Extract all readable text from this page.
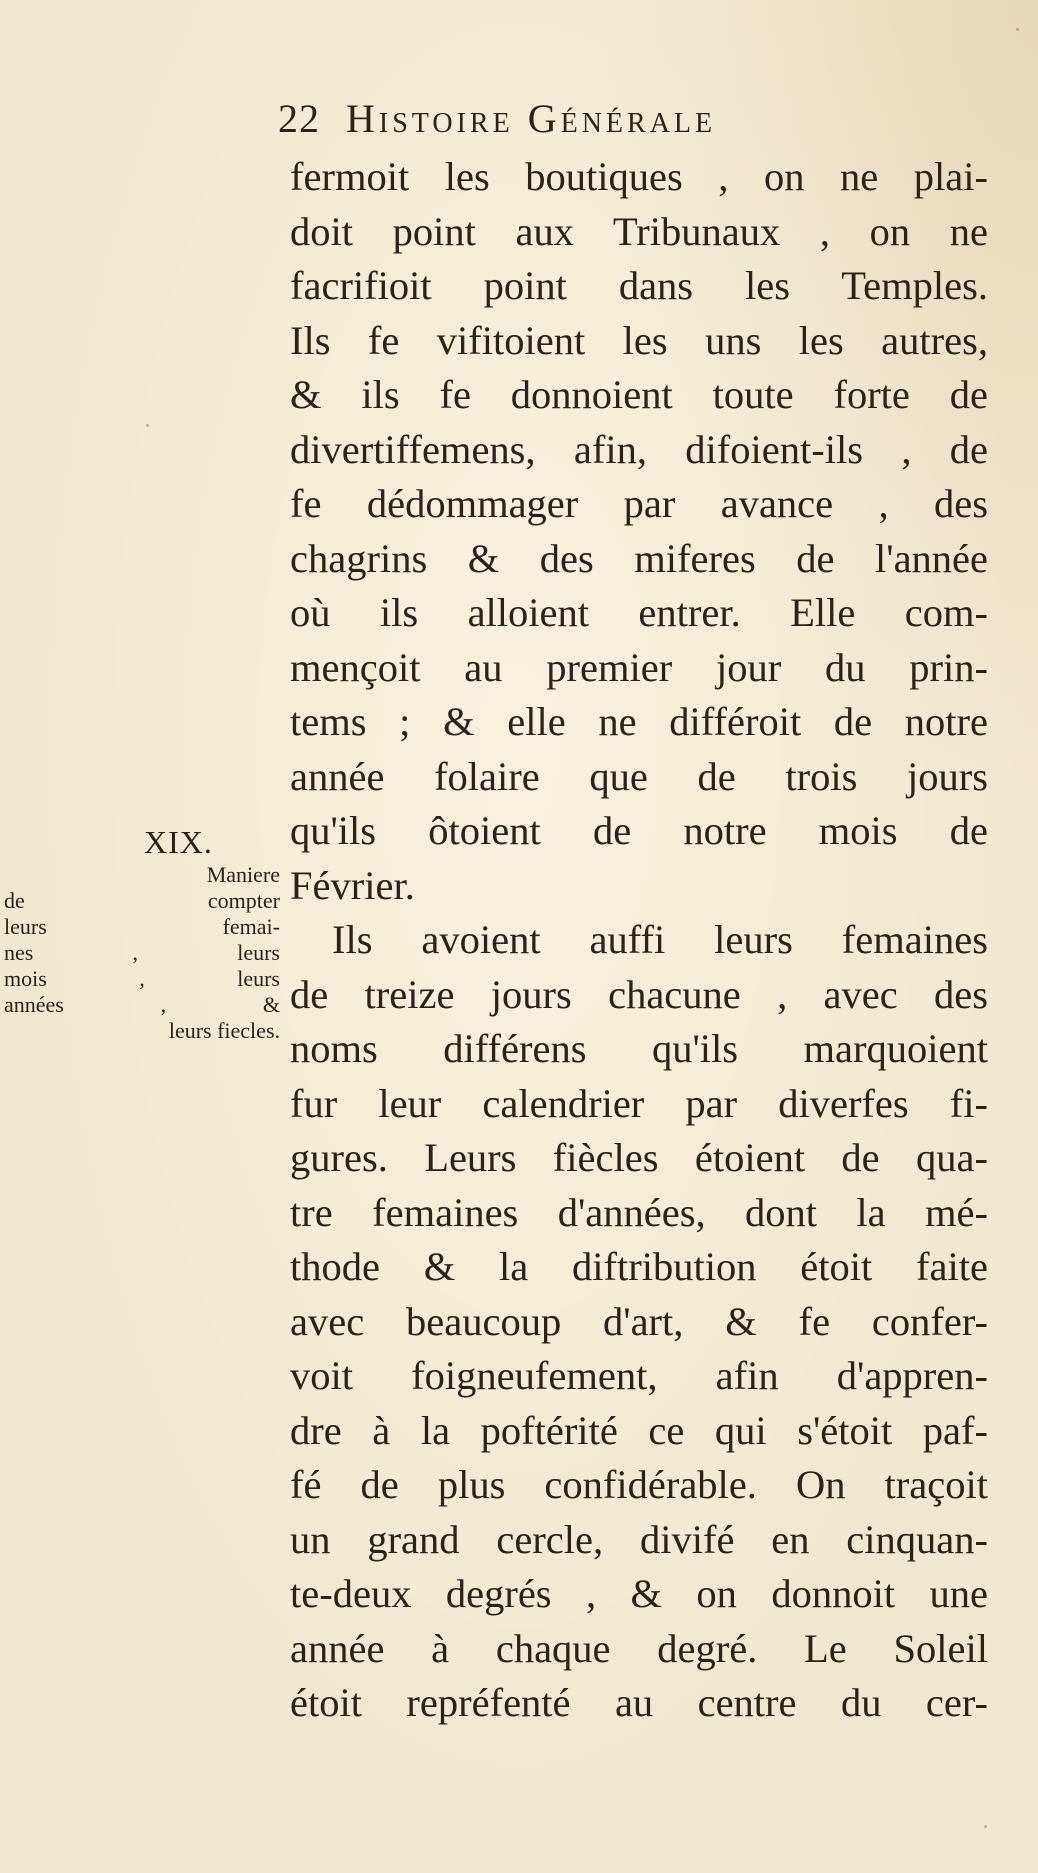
22 Histoire Générale
XIX.
Maniere
de compter
leurs femai-
nes , leurs
mois , leurs
années , &
leurs fiecles.
fermoit les boutiques , on ne plai-
doit point aux Tribunaux , on ne
facrifioit point dans les Temples.
Ils fe vifitoient les uns les autres,
& ils fe donnoient toute forte de
divertiffemens, afin, difoient-ils , de
fe dédommager par avance , des
chagrins & des miferes de l'année
où ils alloient entrer. Elle com-
mençoit au premier jour du prin-
tems ; & elle ne différoit de notre
année folaire que de trois jours
qu'ils ôtoient de notre mois de
Février.
Ils avoient auffi leurs femaines
de treize jours chacune , avec des
noms différens qu'ils marquoient
fur leur calendrier par diverfes fi-
gures. Leurs fiècles étoient de qua-
tre femaines d'années, dont la mé-
thode & la diftribution étoit faite
avec beaucoup d'art, & fe confer-
voit foigneufement, afin d'appren-
dre à la poftérité ce qui s'étoit paf-
fé de plus confidérable. On traçoit
un grand cercle, divifé en cinquan-
te-deux degrés , & on donnoit une
année à chaque degré. Le Soleil
étoit repréfenté au centre du cer-
